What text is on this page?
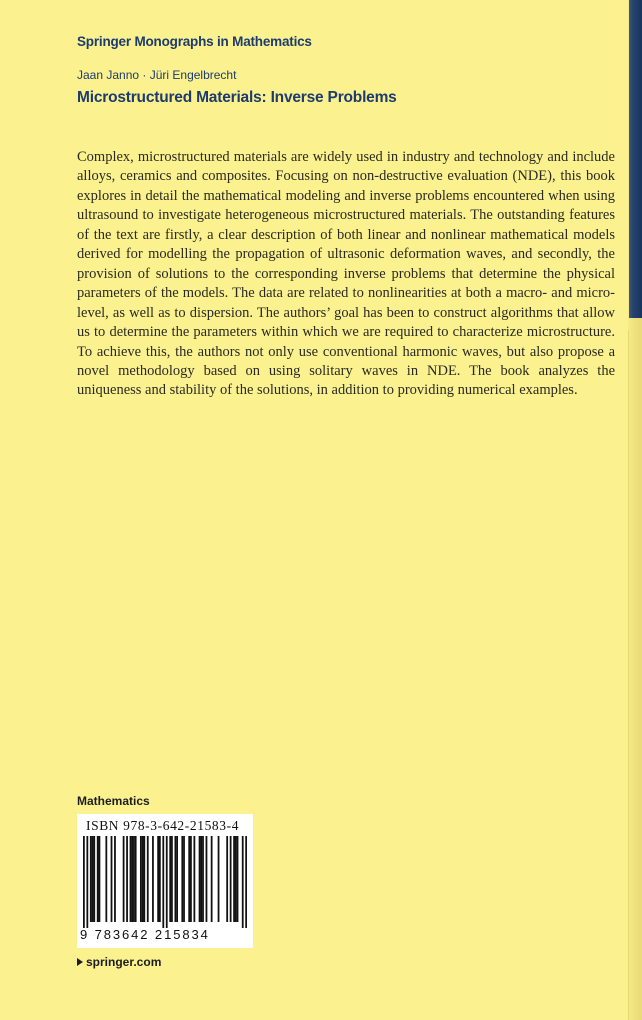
Springer Monographs in Mathematics
Jaan Janno · Jüri Engelbrecht
Microstructured Materials: Inverse Problems

Complex, microstructured materials are widely used in industry and technology and include alloys, ceramics and composites. Focusing on non-destructive evaluation (NDE), this book explores in detail the mathematical modeling and inverse problems encountered when using ultrasound to investigate heterogeneous microstructured materials. The outstanding features of the text are firstly, a clear description of both linear and nonlinear mathematical models derived for modelling the propagation of ultrasonic deformation waves, and secondly, the provision of solutions to the corresponding inverse problems that determine the physical parameters of the models. The data are related to nonlinearities at both a macro- and micro- level, as well as to dispersion. The authors’ goal has been to construct algorithms that allow us to determine the parameters within which we are required to characterize microstructure. To achieve this, the authors not only use conventional harmonic waves, but also propose a novel methodology based on using solitary waves in NDE. The book analyzes the uniqueness and stability of the solutions, in addition to providing numerical examples.

Mathematics
ISBN 978-3-642-21583-4
9 783642 215834
springer.com
